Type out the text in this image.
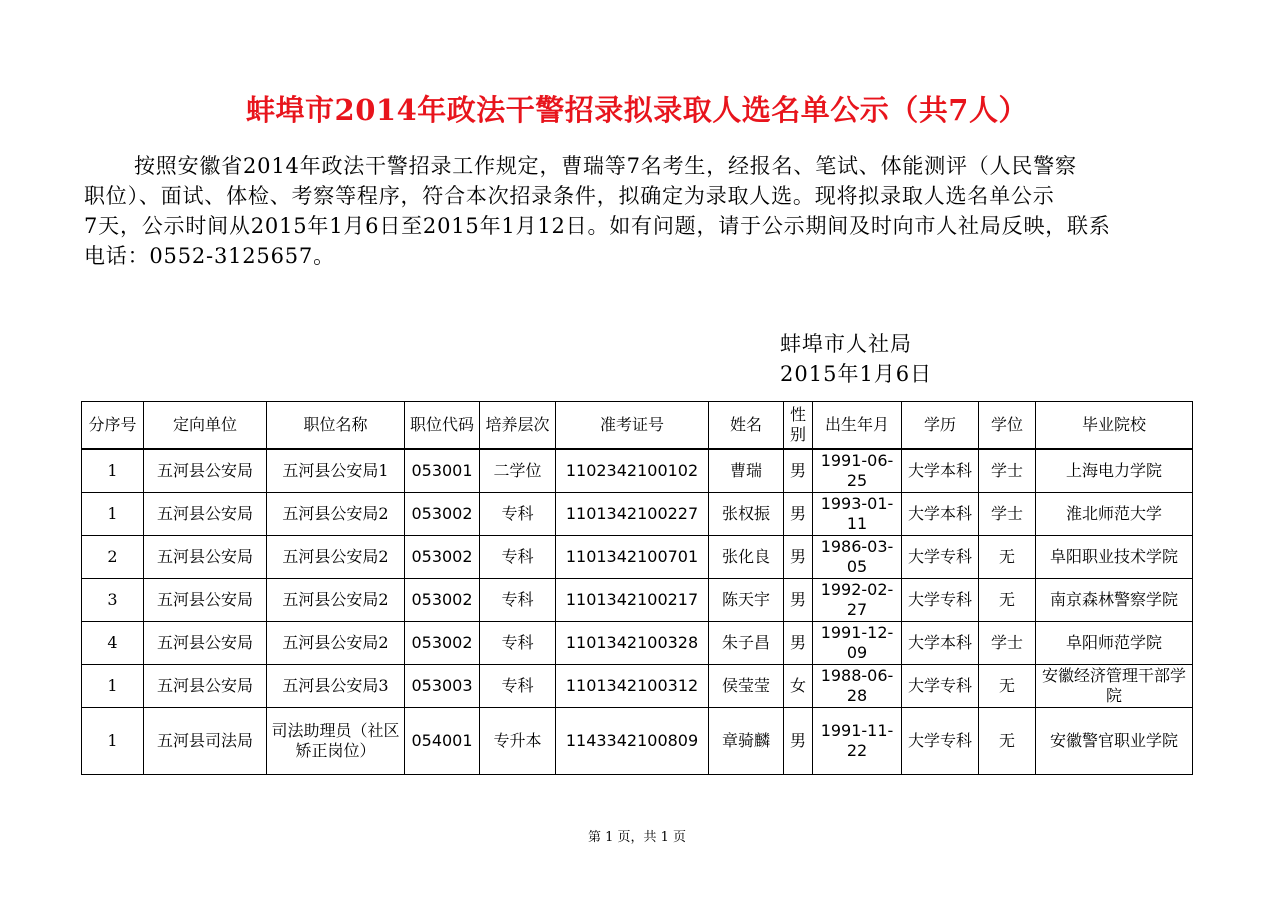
蚌埠市2014年政法干警招录拟录取人选名单公示（共7人）
按照安徽省2014年政法干警招录工作规定，曹瑞等7名考生，经报名、笔试、体能测评（人民警察
职位）、面试、体检、考察等程序，符合本次招录条件，拟确定为录取人选。现将拟录取人选名单公示
7天，公示时间从2015年1月6日至2015年1月12日。如有问题，请于公示期间及时向市人社局反映，联系
电话：0552-3125657。
蚌埠市人社局
2015年1月6日
分序号	定向单位	职位名称	职位代码	培养层次	准考证号	姓名	性别	出生年月	学历	学位	毕业院校
1	五河县公安局	五河县公安局1	053001	二学位	1102342100102	曹瑞	男	1991-06-25	大学本科	学士	上海电力学院
1	五河县公安局	五河县公安局2	053002	专科	1101342100227	张权振	男	1993-01-11	大学本科	学士	淮北师范大学
2	五河县公安局	五河县公安局2	053002	专科	1101342100701	张化良	男	1986-03-05	大学专科	无	阜阳职业技术学院
3	五河县公安局	五河县公安局2	053002	专科	1101342100217	陈天宇	男	1992-02-27	大学专科	无	南京森林警察学院
4	五河县公安局	五河县公安局2	053002	专科	1101342100328	朱子昌	男	1991-12-09	大学本科	学士	阜阳师范学院
1	五河县公安局	五河县公安局3	053003	专科	1101342100312	侯莹莹	女	1988-06-28	大学专科	无	安徽经济管理干部学院
1	五河县司法局	司法助理员（社区矫正岗位）	054001	专升本	1143342100809	章骑麟	男	1991-11-22	大学专科	无	安徽警官职业学院
第 1 页，共 1 页
